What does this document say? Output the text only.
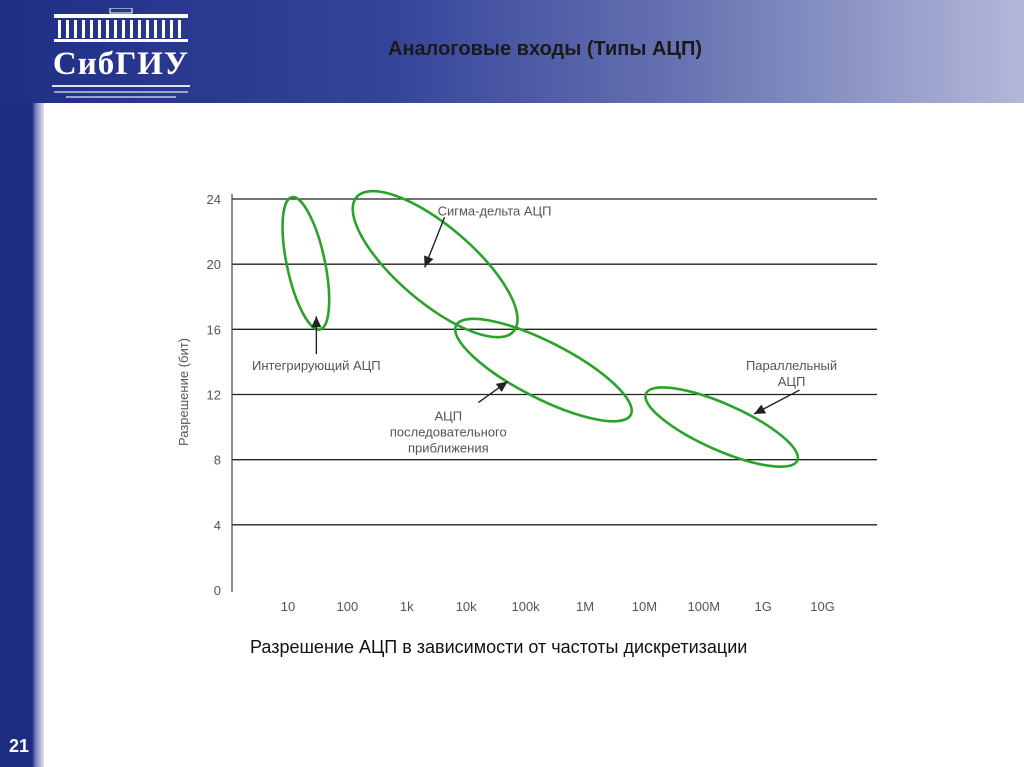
СибГИУ	Аналоговые входы (Типы АЦП)
0
4
8
12
16
20
24
10	100	1k	10k	100k	1M	10M 100M	1G	10G
Разрешение (бит)	Интегрирующий АЦП
Сигма-дельта АЦП
АЦП последовательного приближения
Параллельный АЦП
Разрешение АЦП в зависимости от частоты дискретизации
21
